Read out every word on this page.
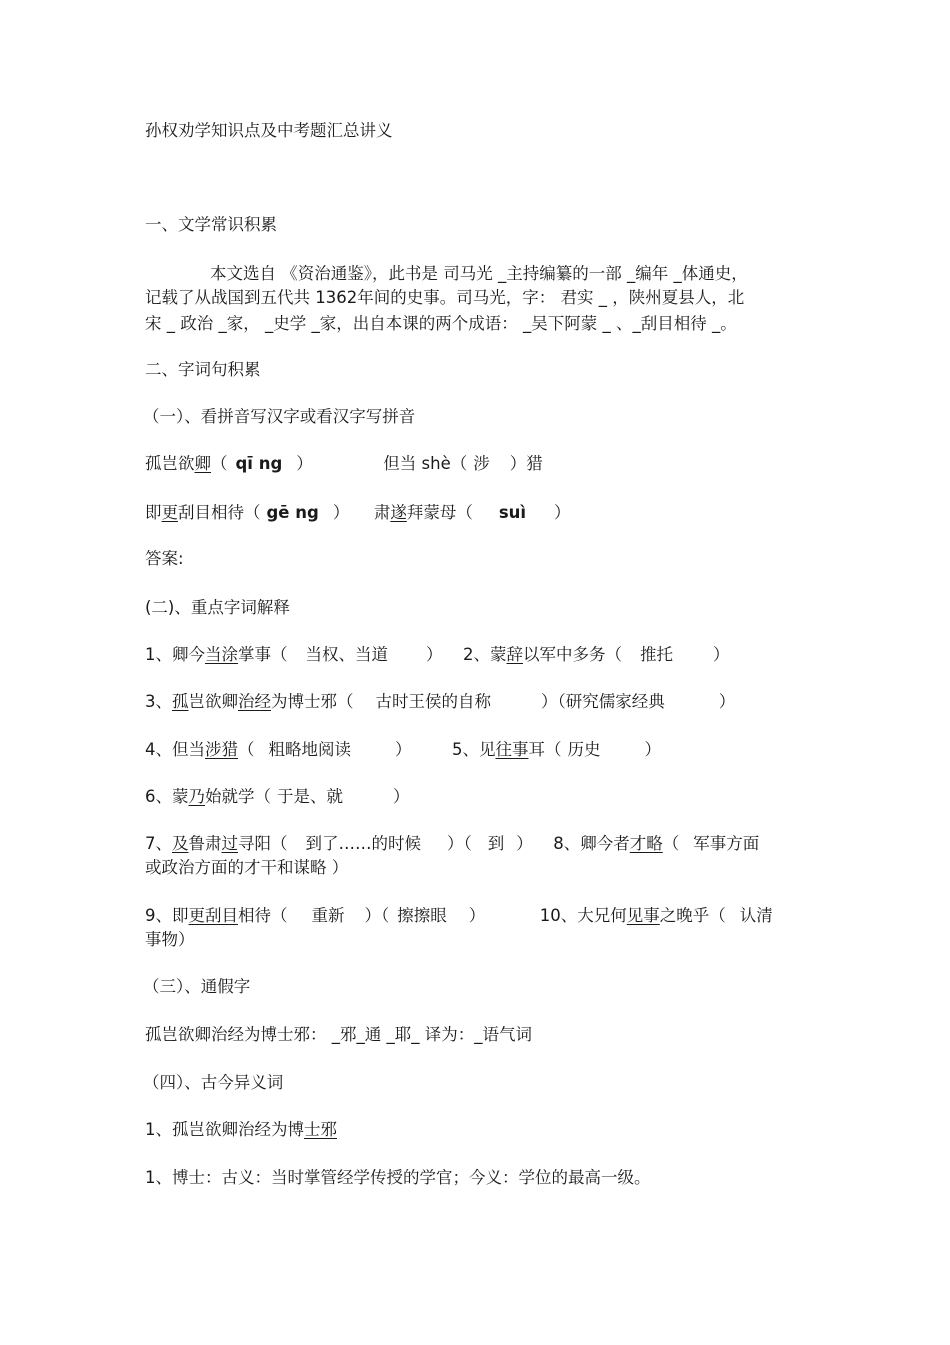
孙权劝学知识点及中考题汇总讲义
一、文学常识积累
本文选自 《资治通鉴》，此书是 司马光 _主持编纂的一部 _编年 _体通史，
记载了从战国到五代共 1362年间的史事。司马光，字： 君实 _ ，陕州夏县人，北
宋 _ 政治 _家， _史学 _家，出自本课的两个成语： _吴下阿蒙 _ 、_刮目相待 _。
二、字词句积累
（一）、看拼音写汉字或看汉字写拼音
孤岂欲卿（ qī ng ）	但当 shè（ 涉 ）猎
即更刮目相待（ gē ng ） 肃遂拜蒙母（ suì ）
答案:
(二)、重点字词解释
1、卿今当涂掌事（ 当权、当道 ） 2、蒙辞以军中多务（ 推托 ）
3、孤岂欲卿治经为博士邪（ 古时王侯的自称	）（研究儒家经典	）
4、但当涉猎（ 粗略地阅读	） 5、见往事耳（ 历史	）
6、蒙乃始就学（ 于是、就	）
7、及鲁肃过寻阳（ 到了……的时候 ）（ 到 ） 8、卿今者才略（ 军事方面
或政治方面的才干和谋略 ）
9、即更刮目相待（ 重新 ）（ 擦擦眼 ）	10、大兄何见事之晚乎（ 认清
事物）
（三）、通假字
孤岂欲卿治经为博士邪： _邪_通 _耶_ 译为：_语气词
（四）、古今异义词
1、孤岂欲卿治经为博士邪
1、博士：古义：当时掌管经学传授的学官；今义：学位的最高一级。
